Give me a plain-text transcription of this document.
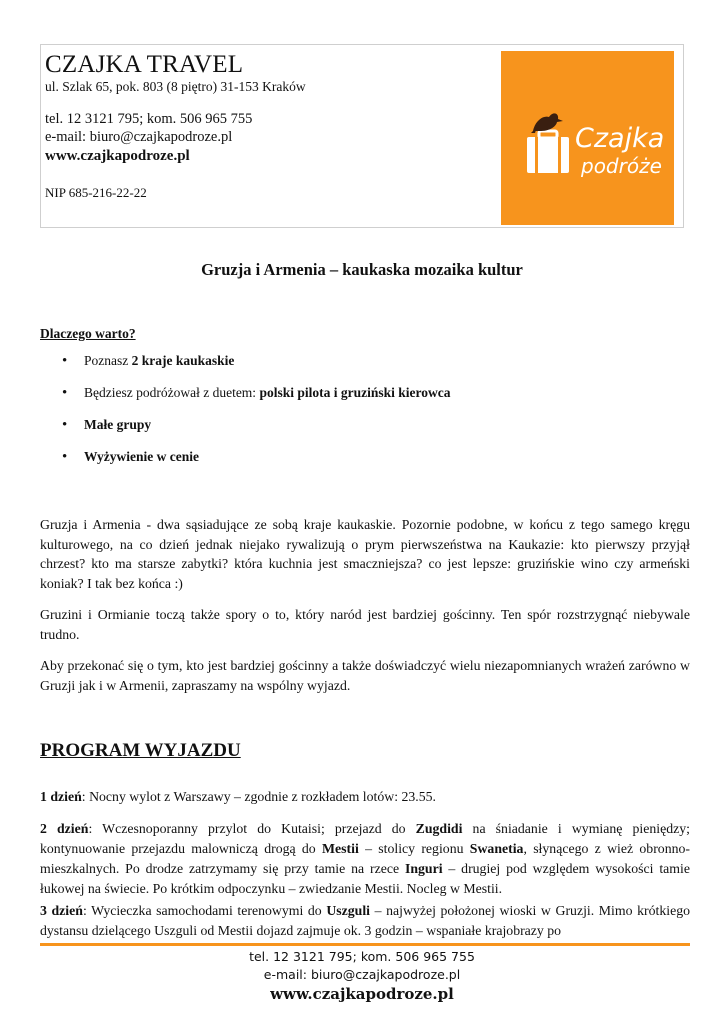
CZAJKA TRAVEL
ul. Szlak 65, pok. 803 (8 piętro) 31-153 Kraków
tel. 12 3121 795; kom. 506 965 755
e-mail: biuro@czajkapodroze.pl
www.czajkapodroze.pl
NIP 685-216-22-22
Czajka
podróże
Gruzja i Armenia – kaukaska mozaika kultur
Dlaczego warto?
• Poznasz 2 kraje kaukaskie
• Będziesz podróżował z duetem: polski pilota i gruziński kierowca
• Małe grupy
• Wyżywienie w cenie

Gruzja i Armenia - dwa sąsiadujące ze sobą kraje kaukaskie. Pozornie podobne, w końcu z tego samego kręgu kulturowego, na co dzień jednak niejako rywalizują o prym pierwszeństwa na Kaukazie: kto pierwszy przyjął chrzest? kto ma starsze zabytki? która kuchnia jest smaczniejsza? co jest lepsze: gruzińskie wino czy armeński koniak? I tak bez końca :)

Gruzini i Ormianie toczą także spory o to, który naród jest bardziej gościnny. Ten spór rozstrzygnąć niebywale trudno.

Aby przekonać się o tym, kto jest bardziej gościnny a także doświadczyć wielu niezapomnianych wrażeń zarówno w Gruzji jak i w Armenii, zapraszamy na wspólny wyjazd.

PROGRAM WYJAZDU

1 dzień: Nocny wylot z Warszawy – zgodnie z rozkładem lotów: 23.55.

2 dzień: Wczesnoporanny przylot do Kutaisi; przejazd do Zugdidi na śniadanie i wymianę pieniędzy; kontynuowanie przejazdu malowniczą drogą do Mestii – stolicy regionu Swanetia, słynącego z wież obronno-mieszkalnych. Po drodze zatrzymamy się przy tamie na rzece Inguri – drugiej pod względem wysokości tamie łukowej na świecie. Po krótkim odpoczynku – zwiedzanie Mestii. Nocleg w Mestii.

3 dzień: Wycieczka samochodami terenowymi do Uszguli – najwyżej położonej wioski w Gruzji. Mimo krótkiego dystansu dzielącego Uszguli od Mestii dojazd zajmuje ok. 3 godzin – wspaniałe krajobrazy po

tel. 12 3121 795; kom. 506 965 755
e-mail: biuro@czajkapodroze.pl
www.czajkapodroze.pl
